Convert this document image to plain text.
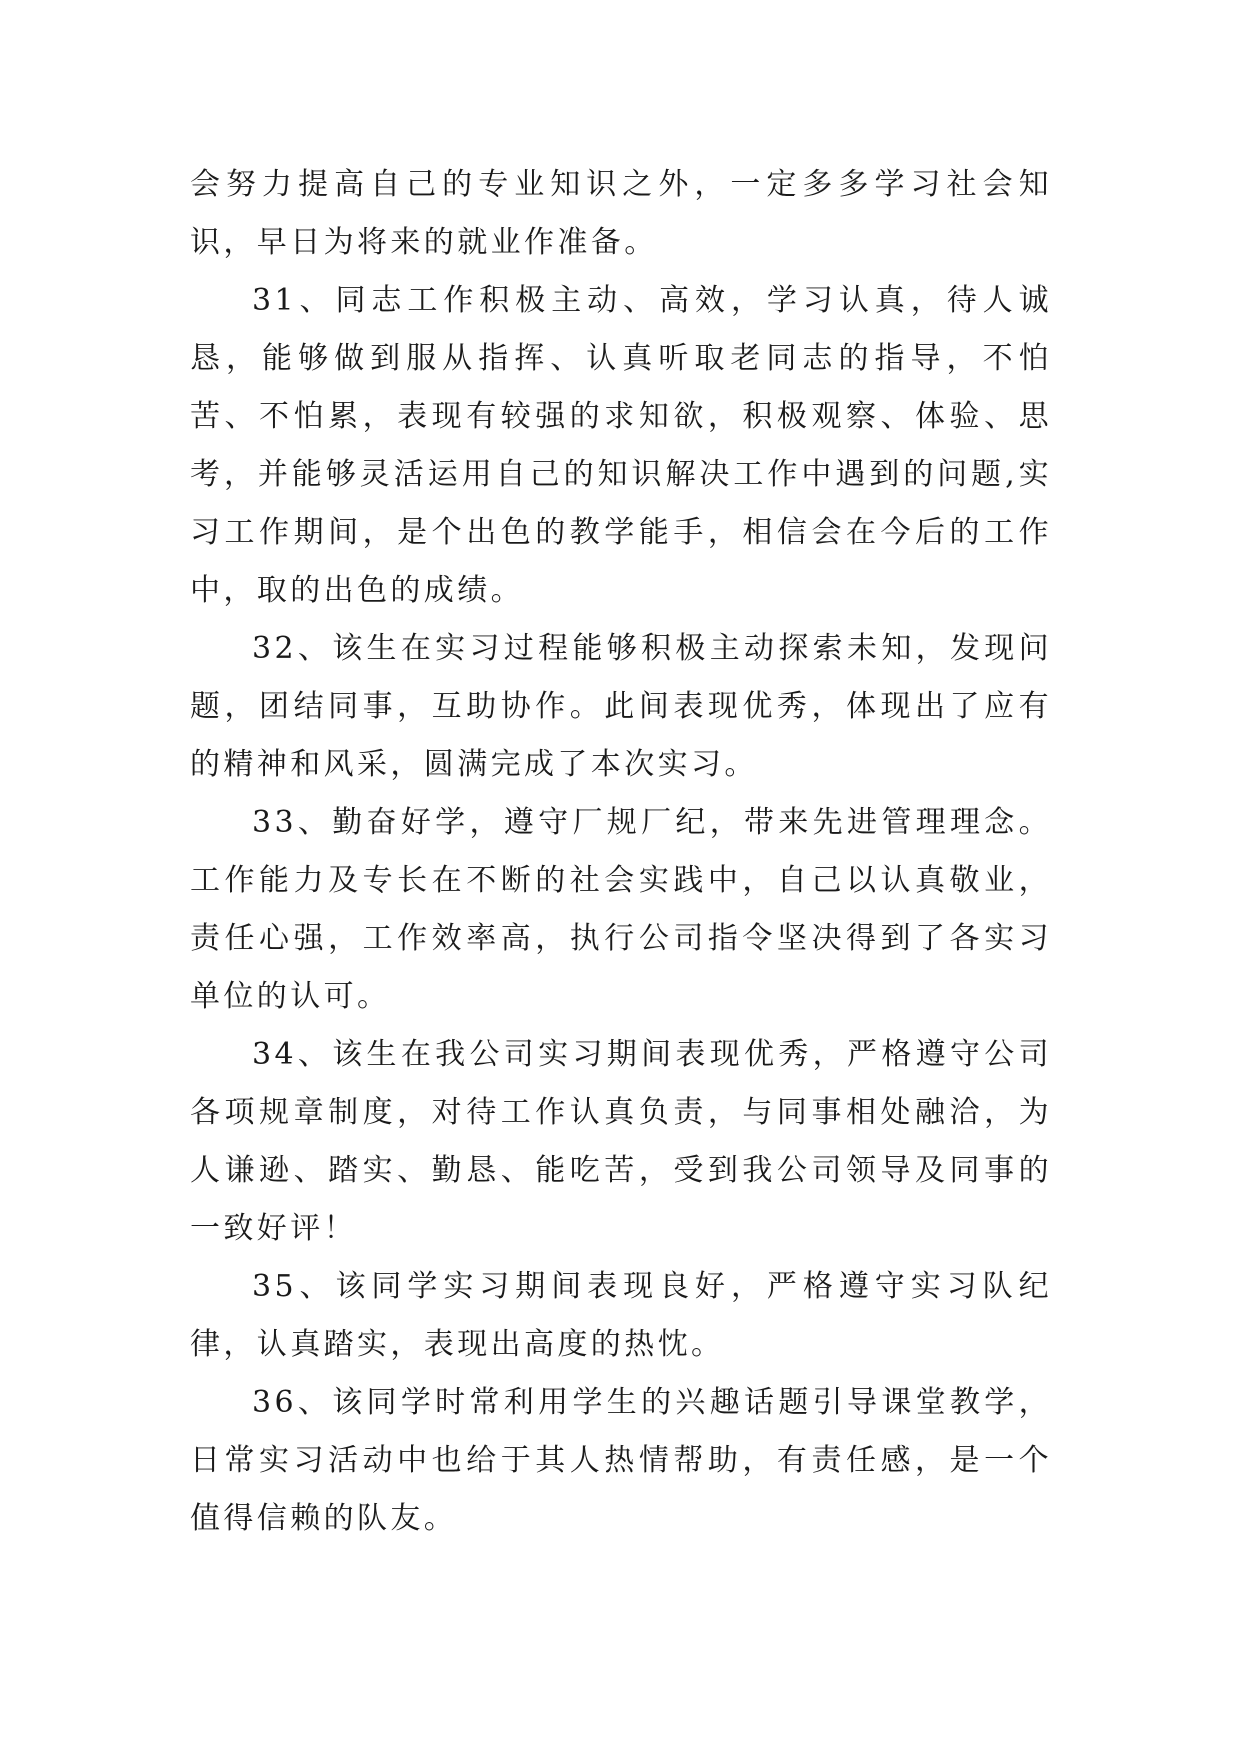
会努力提高自己的专业知识之外，一定多多学习社会知识，早日为将来的就业作准备。

31、同志工作积极主动、高效，学习认真，待人诚恳，能够做到服从指挥、认真听取老同志的指导，不怕苦、不怕累，表现有较强的求知欲，积极观察、体验、思考，并能够灵活运用自己的知识解决工作中遇到的问题,实习工作期间，是个出色的教学能手，相信会在今后的工作中，取的出色的成绩。

32、该生在实习过程能够积极主动探索未知，发现问题，团结同事，互助协作。此间表现优秀，体现出了应有的精神和风采，圆满完成了本次实习。

33、勤奋好学，遵守厂规厂纪，带来先进管理理念。工作能力及专长在不断的社会实践中，自己以认真敬业，责任心强，工作效率高，执行公司指令坚决得到了各实习单位的认可。

34、该生在我公司实习期间表现优秀，严格遵守公司各项规章制度，对待工作认真负责，与同事相处融洽，为人谦逊、踏实、勤恳、能吃苦，受到我公司领导及同事的一致好评！

35、该同学实习期间表现良好，严格遵守实习队纪律，认真踏实，表现出高度的热忱。

36、该同学时常利用学生的兴趣话题引导课堂教学，日常实习活动中也给于其人热情帮助，有责任感，是一个值得信赖的队友。
